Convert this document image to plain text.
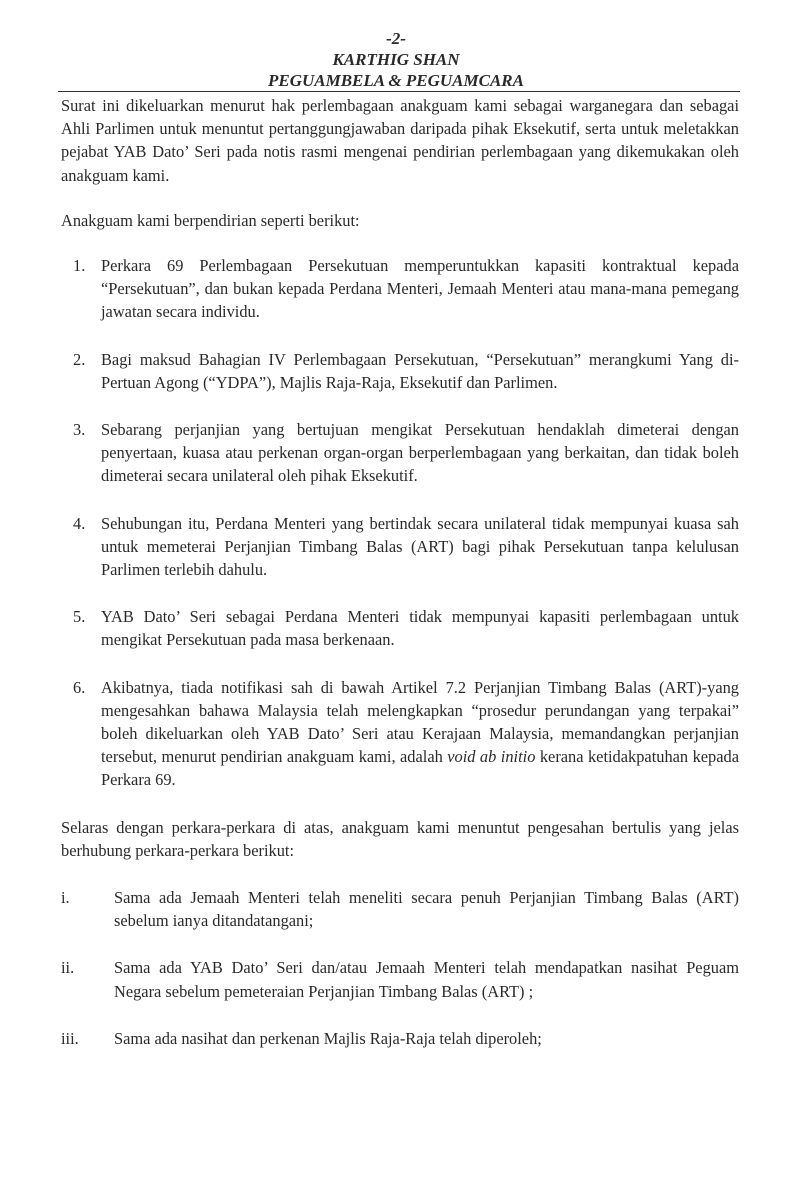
-2-
KARTHIG SHAN
PEGUAMBELA & PEGUAMCARA

Surat ini dikeluarkan menurut hak perlembagaan anakguam kami sebagai warganegara dan sebagai Ahli Parlimen untuk menuntut pertanggungjawaban daripada pihak Eksekutif, serta untuk meletakkan pejabat YAB Dato’ Seri pada notis rasmi mengenai pendirian perlembagaan yang dikemukakan oleh anakguam kami.

Anakguam kami berpendirian seperti berikut:

1. Perkara 69 Perlembagaan Persekutuan memperuntukkan kapasiti kontraktual kepada “Persekutuan”, dan bukan kepada Perdana Menteri, Jemaah Menteri atau mana-mana pemegang jawatan secara individu.
2. Bagi maksud Bahagian IV Perlembagaan Persekutuan, “Persekutuan” merangkumi Yang di-Pertuan Agong (“YDPA”), Majlis Raja-Raja, Eksekutif dan Parlimen.
3. Sebarang perjanjian yang bertujuan mengikat Persekutuan hendaklah dimeterai dengan penyertaan, kuasa atau perkenan organ-organ berperlembagaan yang berkaitan, dan tidak boleh dimeterai secara unilateral oleh pihak Eksekutif.
4. Sehubungan itu, Perdana Menteri yang bertindak secara unilateral tidak mempunyai kuasa sah untuk memeterai Perjanjian Timbang Balas (ART) bagi pihak Persekutuan tanpa kelulusan Parlimen terlebih dahulu.
5. YAB Dato’ Seri sebagai Perdana Menteri tidak mempunyai kapasiti perlembagaan untuk mengikat Persekutuan pada masa berkenaan.
6. Akibatnya, tiada notifikasi sah di bawah Artikel 7.2 Perjanjian Timbang Balas (ART)-yang mengesahkan bahawa Malaysia telah melengkapkan “prosedur perundangan yang terpakai” boleh dikeluarkan oleh YAB Dato’ Seri atau Kerajaan Malaysia, memandangkan perjanjian tersebut, menurut pendirian anakguam kami, adalah void ab initio kerana ketidakpatuhan kepada Perkara 69.

Selaras dengan perkara-perkara di atas, anakguam kami menuntut pengesahan bertulis yang jelas berhubung perkara-perkara berikut:

i.	Sama ada Jemaah Menteri telah meneliti secara penuh Perjanjian Timbang Balas (ART) sebelum ianya ditandatangani;
ii. Sama ada YAB Dato’ Seri dan/atau Jemaah Menteri telah mendapatkan nasihat Peguam Negara sebelum pemeteraian Perjanjian Timbang Balas (ART) ;
iii. Sama ada nasihat dan perkenan Majlis Raja-Raja telah diperoleh;
